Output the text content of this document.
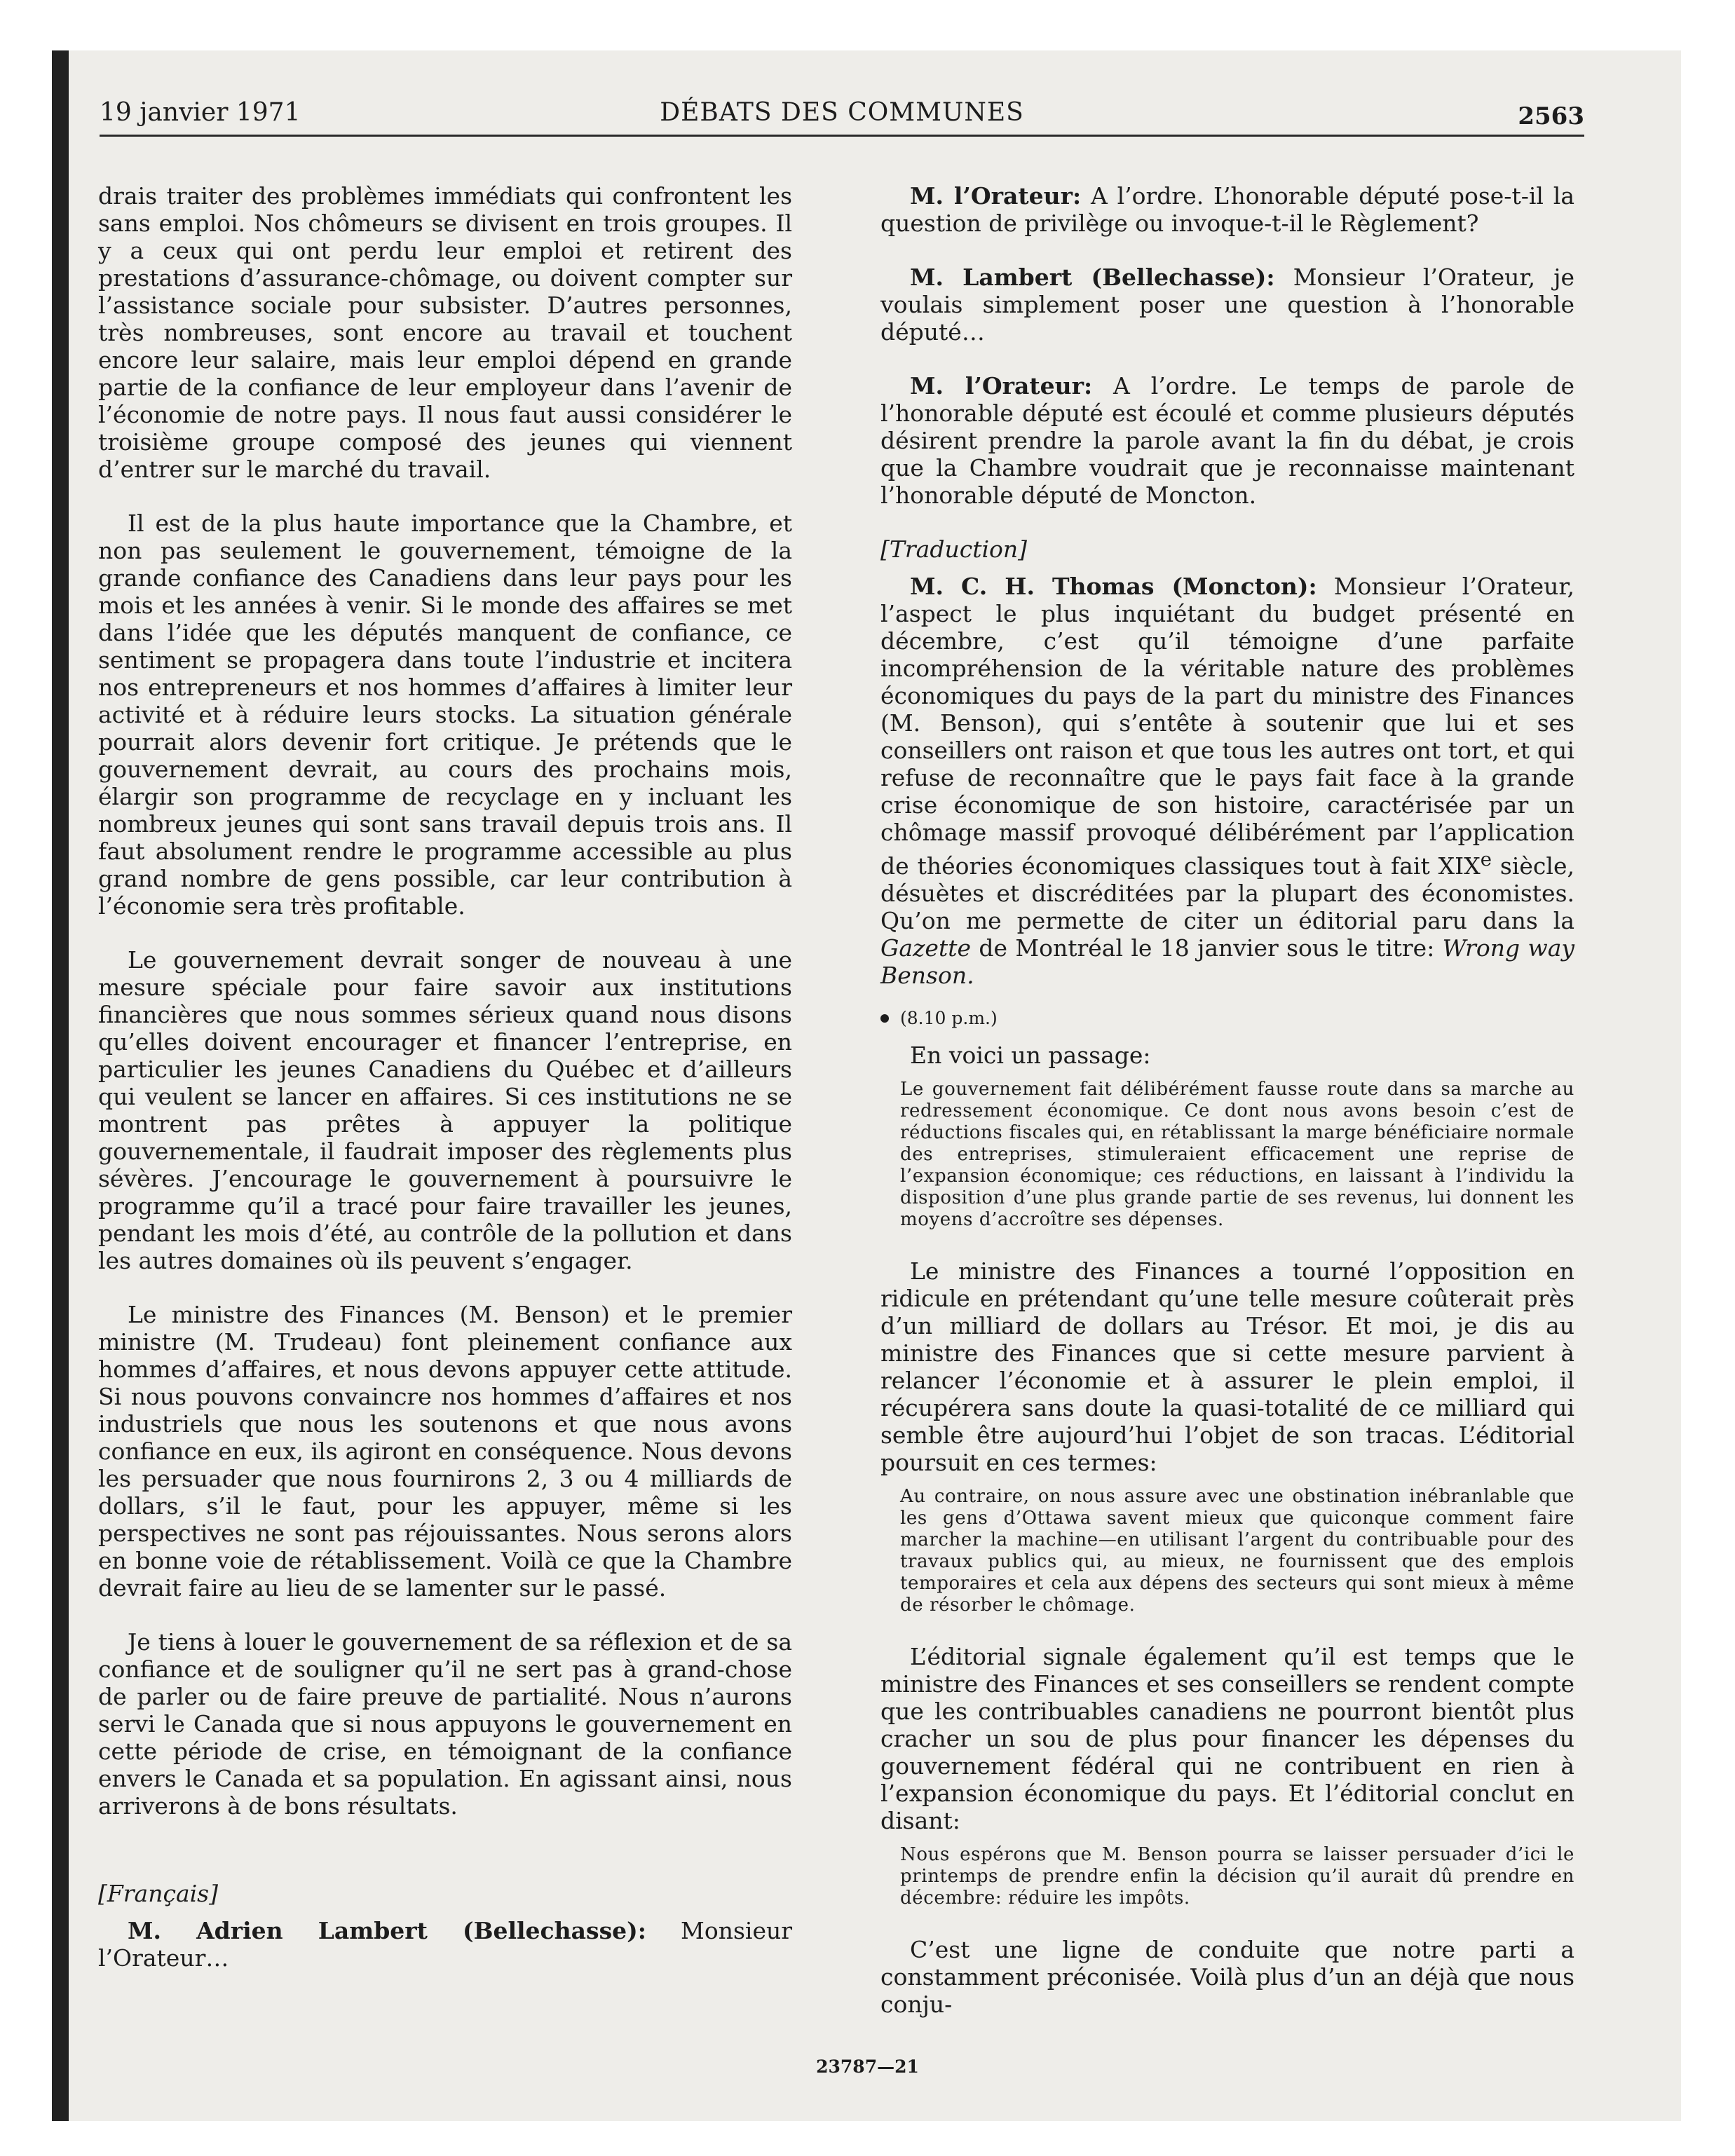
19 janvier 1971	DÉBATS DES COMMUNES	2563

drais traiter des problèmes immédiats qui confrontent les sans emploi. Nos chômeurs se divisent en trois groupes. Il y a ceux qui ont perdu leur emploi et retirent des prestations d’assurance-chômage, ou doivent compter sur l’assistance sociale pour subsister. D’autres personnes, très nombreuses, sont encore au travail et touchent encore leur salaire, mais leur emploi dépend en grande partie de la confiance de leur employeur dans l’avenir de l’économie de notre pays. Il nous faut aussi considérer le troisième groupe composé des jeunes qui viennent d’entrer sur le marché du travail.

Il est de la plus haute importance que la Chambre, et non pas seulement le gouvernement, témoigne de la grande confiance des Canadiens dans leur pays pour les mois et les années à venir. Si le monde des affaires se met dans l’idée que les députés manquent de confiance, ce sentiment se propagera dans toute l’industrie et incitera nos entrepreneurs et nos hommes d’affaires à limiter leur activité et à réduire leurs stocks. La situation générale pourrait alors devenir fort critique. Je prétends que le gouvernement devrait, au cours des prochains mois, élargir son programme de recyclage en y incluant les nombreux jeunes qui sont sans travail depuis trois ans. Il faut absolument rendre le programme accessible au plus grand nombre de gens possible, car leur contribution à l’économie sera très profitable.

Le gouvernement devrait songer de nouveau à une mesure spéciale pour faire savoir aux institutions financières que nous sommes sérieux quand nous disons qu’elles doivent encourager et financer l’entreprise, en particulier les jeunes Canadiens du Québec et d’ailleurs qui veulent se lancer en affaires. Si ces institutions ne se montrent pas prêtes à appuyer la politique gouvernementale, il faudrait imposer des règlements plus sévères. J’encourage le gouvernement à poursuivre le programme qu’il a tracé pour faire travailler les jeunes, pendant les mois d’été, au contrôle de la pollution et dans les autres domaines où ils peuvent s’engager.

Le ministre des Finances (M. Benson) et le premier ministre (M. Trudeau) font pleinement confiance aux hommes d’affaires, et nous devons appuyer cette attitude. Si nous pouvons convaincre nos hommes d’affaires et nos industriels que nous les soutenons et que nous avons confiance en eux, ils agiront en conséquence. Nous devons les persuader que nous fournirons 2, 3 ou 4 milliards de dollars, s’il le faut, pour les appuyer, même si les perspectives ne sont pas réjouissantes. Nous serons alors en bonne voie de rétablissement. Voilà ce que la Chambre devrait faire au lieu de se lamenter sur le passé.

Je tiens à louer le gouvernement de sa réflexion et de sa confiance et de souligner qu’il ne sert pas à grand-chose de parler ou de faire preuve de partialité. Nous n’aurons servi le Canada que si nous appuyons le gouvernement en cette période de crise, en témoignant de la confiance envers le Canada et sa population. En agissant ainsi, nous arriverons à de bons résultats.

[Français]

M. Adrien Lambert (Bellechasse): Monsieur l’Orateur…

M. l’Orateur: A l’ordre. L’honorable député pose-t-il la question de privilège ou invoque-t-il le Règlement?

M. Lambert (Bellechasse): Monsieur l’Orateur, je voulais simplement poser une question à l’honorable député…

M. l’Orateur: A l’ordre. Le temps de parole de l’honorable député est écoulé et comme plusieurs députés désirent prendre la parole avant la fin du débat, je crois que la Chambre voudrait que je reconnaisse maintenant l’honorable député de Moncton.

[Traduction]

M. C. H. Thomas (Moncton): Monsieur l’Orateur, l’aspect le plus inquiétant du budget présenté en décembre, c’est qu’il témoigne d’une parfaite incompréhension de la véritable nature des problèmes économiques du pays de la part du ministre des Finances (M. Benson), qui s’entête à soutenir que lui et ses conseillers ont raison et que tous les autres ont tort, et qui refuse de reconnaître que le pays fait face à la grande crise économique de son histoire, caractérisée par un chômage massif provoqué délibérément par l’application de théories économiques classiques tout à fait XIXe siècle, désuètes et discréditées par la plupart des économistes. Qu’on me permette de citer un éditorial paru dans la Gazette de Montréal le 18 janvier sous le titre: Wrong way Benson.

(8.10 p.m.)

En voici un passage:

Le gouvernement fait délibérément fausse route dans sa marche au redressement économique. Ce dont nous avons besoin c’est de réductions fiscales qui, en rétablissant la marge bénéficiaire normale des entreprises, stimuleraient efficacement une reprise de l’expansion économique; ces réductions, en laissant à l’individu la disposition d’une plus grande partie de ses revenus, lui donnent les moyens d’accroître ses dépenses.

Le ministre des Finances a tourné l’opposition en ridicule en prétendant qu’une telle mesure coûterait près d’un milliard de dollars au Trésor. Et moi, je dis au ministre des Finances que si cette mesure parvient à relancer l’économie et à assurer le plein emploi, il récupérera sans doute la quasi-totalité de ce milliard qui semble être aujourd’hui l’objet de son tracas. L’éditorial poursuit en ces termes:

Au contraire, on nous assure avec une obstination inébranlable que les gens d’Ottawa savent mieux que quiconque comment faire marcher la machine—en utilisant l’argent du contribuable pour des travaux publics qui, au mieux, ne fournissent que des emplois temporaires et cela aux dépens des secteurs qui sont mieux à même de résorber le chômage.

L’éditorial signale également qu’il est temps que le ministre des Finances et ses conseillers se rendent compte que les contribuables canadiens ne pourront bientôt plus cracher un sou de plus pour financer les dépenses du gouvernement fédéral qui ne contribuent en rien à l’expansion économique du pays. Et l’éditorial conclut en disant:

Nous espérons que M. Benson pourra se laisser persuader d’ici le printemps de prendre enfin la décision qu’il aurait dû prendre en décembre: réduire les impôts.

C’est une ligne de conduite que notre parti a constamment préconisée. Voilà plus d’un an déjà que nous conju-

23787—21
